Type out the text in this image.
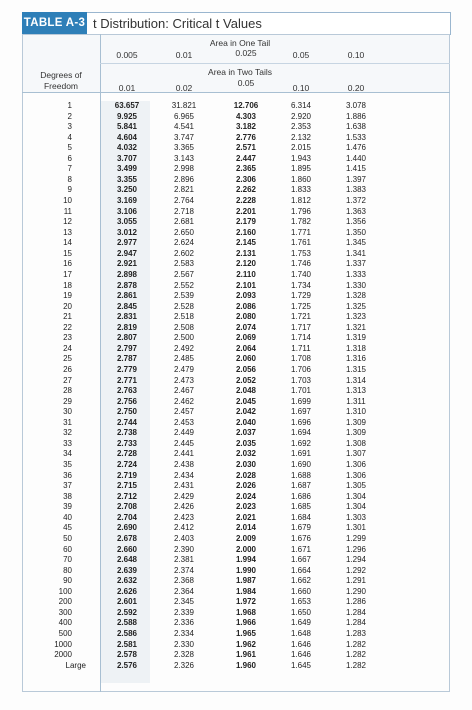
TABLE A-3 t Distribution: Critical t Values
Area in One Tail
Area in Two Tails
Degrees of
Freedom
1	63.657	31.821	12.706	6.314	3.078
2	9.925	6.965	4.303	2.920	1.886
3	5.841	4.541	3.182	2.353	1.638
4	4.604	3.747	2.776	2.132	1.533
5	4.032	3.365	2.571	2.015	1.476
6	3.707	3.143	2.447	1.943	1.440
7	3.499	2.998	2.365	1.895	1.415
8	3.355	2.896	2.306	1.860	1.397
9	3.250	2.821	2.262	1.833	1.383
10	3.169	2.764	2.228	1.812	1.372
11	3.106	2.718	2.201	1.796	1.363
12	3.055	2.681	2.179	1.782	1.356
13	3.012	2.650	2.160	1.771	1.350
14	2.977	2.624	2.145	1.761	1.345
15	2.947	2.602	2.131	1.753	1.341
16	2.921	2.583	2.120	1.746	1.337
17	2.898	2.567	2.110	1.740	1.333
18	2.878	2.552	2.101	1.734	1.330
19	2.861	2.539	2.093	1.729	1.328
20	2.845	2.528	2.086	1.725	1.325
21	2.831	2.518	2.080	1.721	1.323
22	2.819	2.508	2.074	1.717	1.321
23	2.807	2.500	2.069	1.714	1.319
24	2.797	2.492	2.064	1.711	1.318
25	2.787	2.485	2.060	1.708	1.316
26	2.779	2.479	2.056	1.706	1.315
27	2.771	2.473	2.052	1.703	1.314
28	2.763	2.467	2.048	1.701	1.313
29	2.756	2.462	2.045	1.699	1.311
30	2.750	2.457	2.042	1.697	1.310
31	2.744	2.453	2.040	1.696	1.309
32	2.738	2.449	2.037	1.694	1.309
33	2.733	2.445	2.035	1.692	1.308
34	2.728	2.441	2.032	1.691	1.307
35	2.724	2.438	2.030	1.690	1.306
36	2.719	2.434	2.028	1.688	1.306
37	2.715	2.431	2.026	1.687	1.305
38	2.712	2.429	2.024	1.686	1.304
39	2.708	2.426	2.023	1.685	1.304
40	2.704	2.423	2.021	1.684	1.303
45	2.690	2.412	2.014	1.679	1.301
50	2.678	2.403	2.009	1.676	1.299
60	2.660	2.390	2.000	1.671	1.296
70	2.648	2.381	1.994	1.667	1.294
80	2.639	2.374	1.990	1.664	1.292
90	2.632	2.368	1.987	1.662	1.291
100	2.626	2.364	1.984	1.660	1.290
200	2.601	2.345	1.972	1.653	1.286
300	2.592	2.339	1.968	1.650	1.284
400	2.588	2.336	1.966	1.649	1.284
500	2.586	2.334	1.965	1.648	1.283
1000	2.581	2.330	1.962	1.646	1.282
2000	2.578	2.328	1.961	1.646	1.282
Large	2.576	2.326	1.960	1.645	1.282
0.005	0.01	0.025	0.05	0.10
0.01	0.02	0.05	0.10	0.20
